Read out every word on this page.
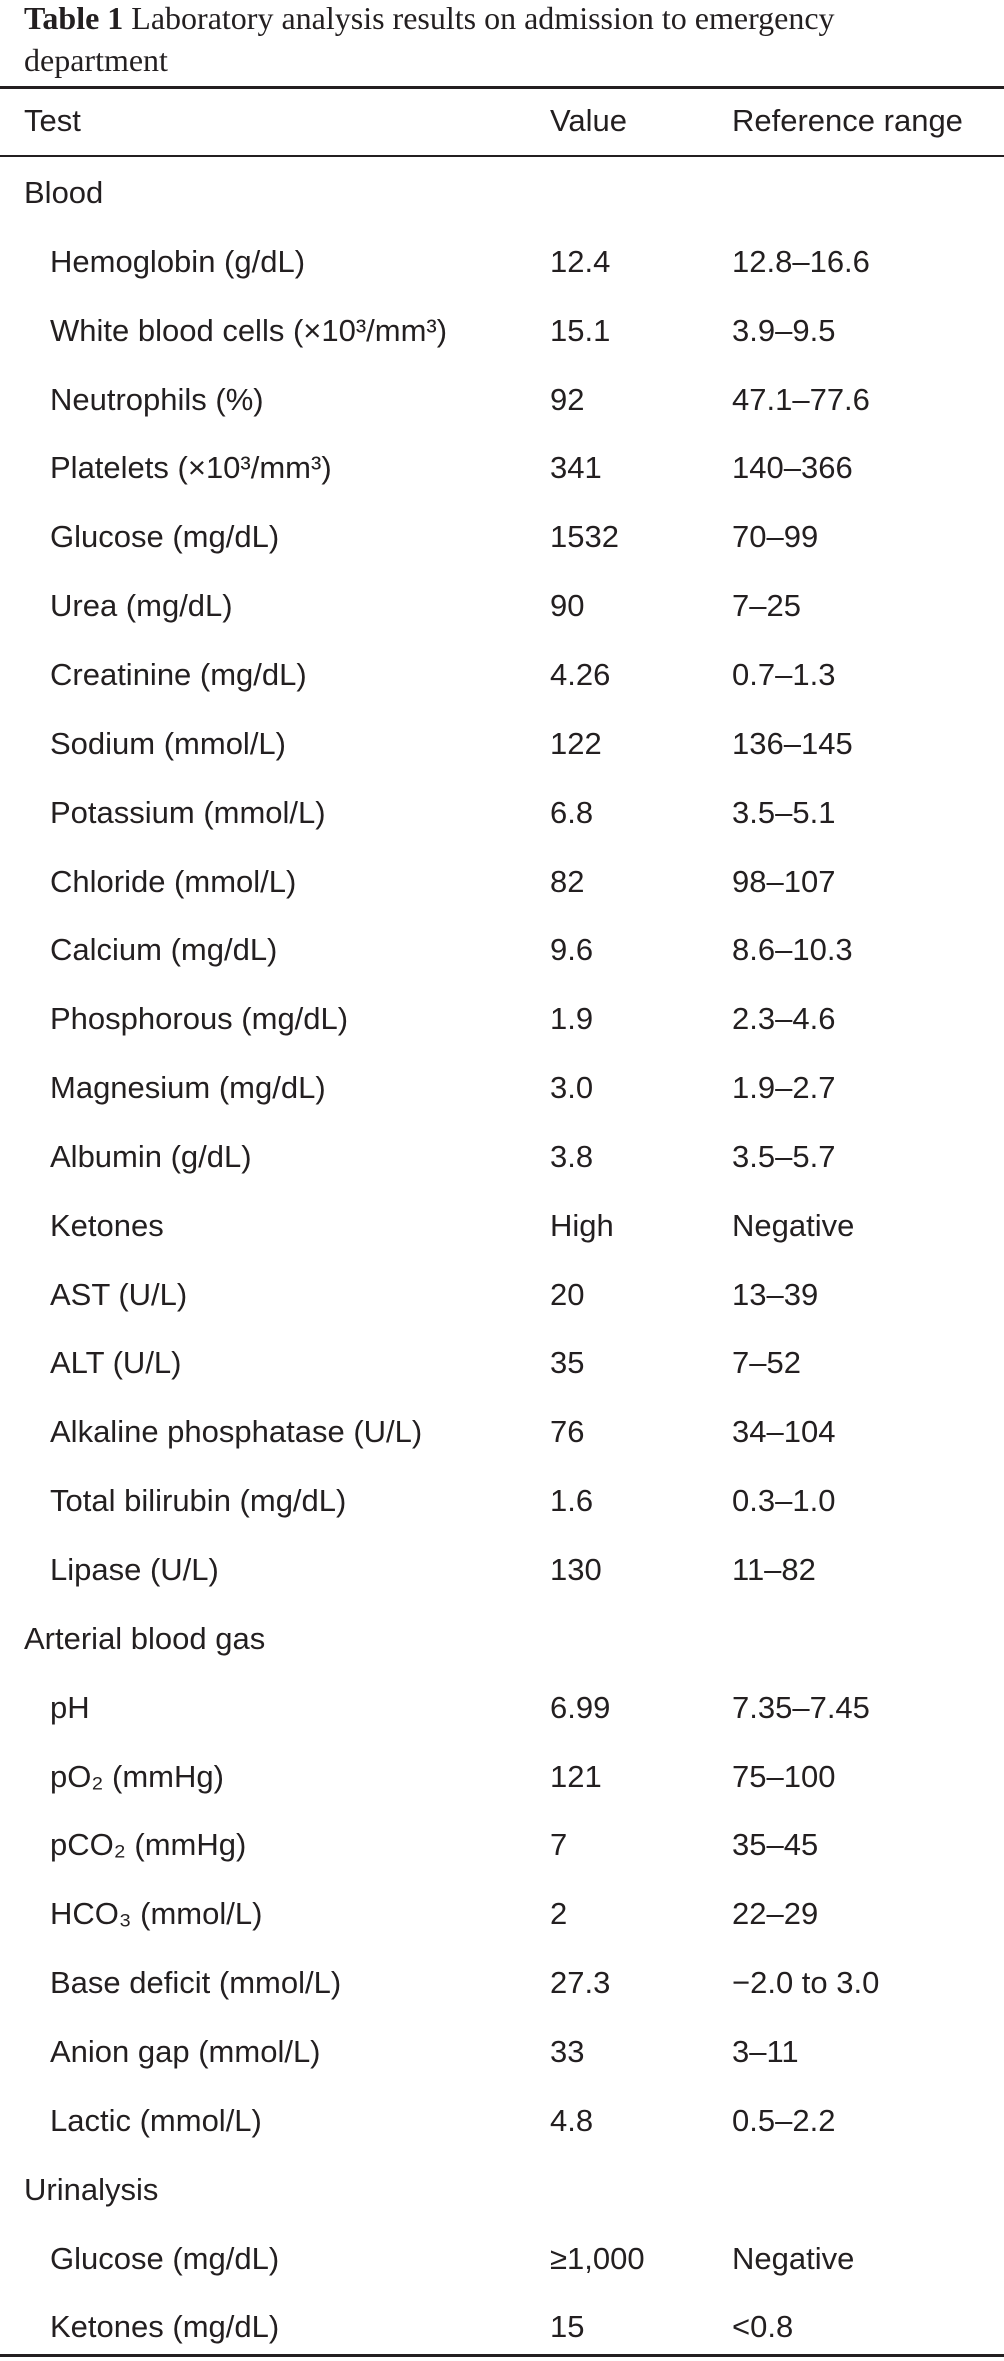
Table 1 Laboratory analysis results on admission to emergency department
Test	Value	Reference range
Blood
Hemoglobin (g/dL)	12.4	12.8–16.6
White blood cells (×10³/mm³)	15.1	3.9–9.5
Neutrophils (%)	92	47.1–77.6
Platelets (×10³/mm³)	341	140–366
Glucose (mg/dL)	1532	70–99
Urea (mg/dL)	90	7–25
Creatinine (mg/dL)	4.26	0.7–1.3
Sodium (mmol/L)	122	136–145
Potassium (mmol/L)	6.8	3.5–5.1
Chloride (mmol/L)	82	98–107
Calcium (mg/dL)	9.6	8.6–10.3
Phosphorous (mg/dL)	1.9	2.3–4.6
Magnesium (mg/dL)	3.0	1.9–2.7
Albumin (g/dL)	3.8	3.5–5.7
Ketones	High	Negative
AST (U/L)	20	13–39
ALT (U/L)	35	7–52
Alkaline phosphatase (U/L)	76	34–104
Total bilirubin (mg/dL)	1.6	0.3–1.0
Lipase (U/L)	130	11–82
Arterial blood gas
pH	6.99	7.35–7.45
pO₂ (mmHg)	121	75–100
pCO₂ (mmHg)	7	35–45
HCO₃ (mmol/L)	2	22–29
Base deficit (mmol/L)	27.3	−2.0 to 3.0
Anion gap (mmol/L)	33	3–11
Lactic (mmol/L)	4.8	0.5–2.2
Urinalysis
Glucose (mg/dL)	≥1,000	Negative
Ketones (mg/dL)	15	<0.8
